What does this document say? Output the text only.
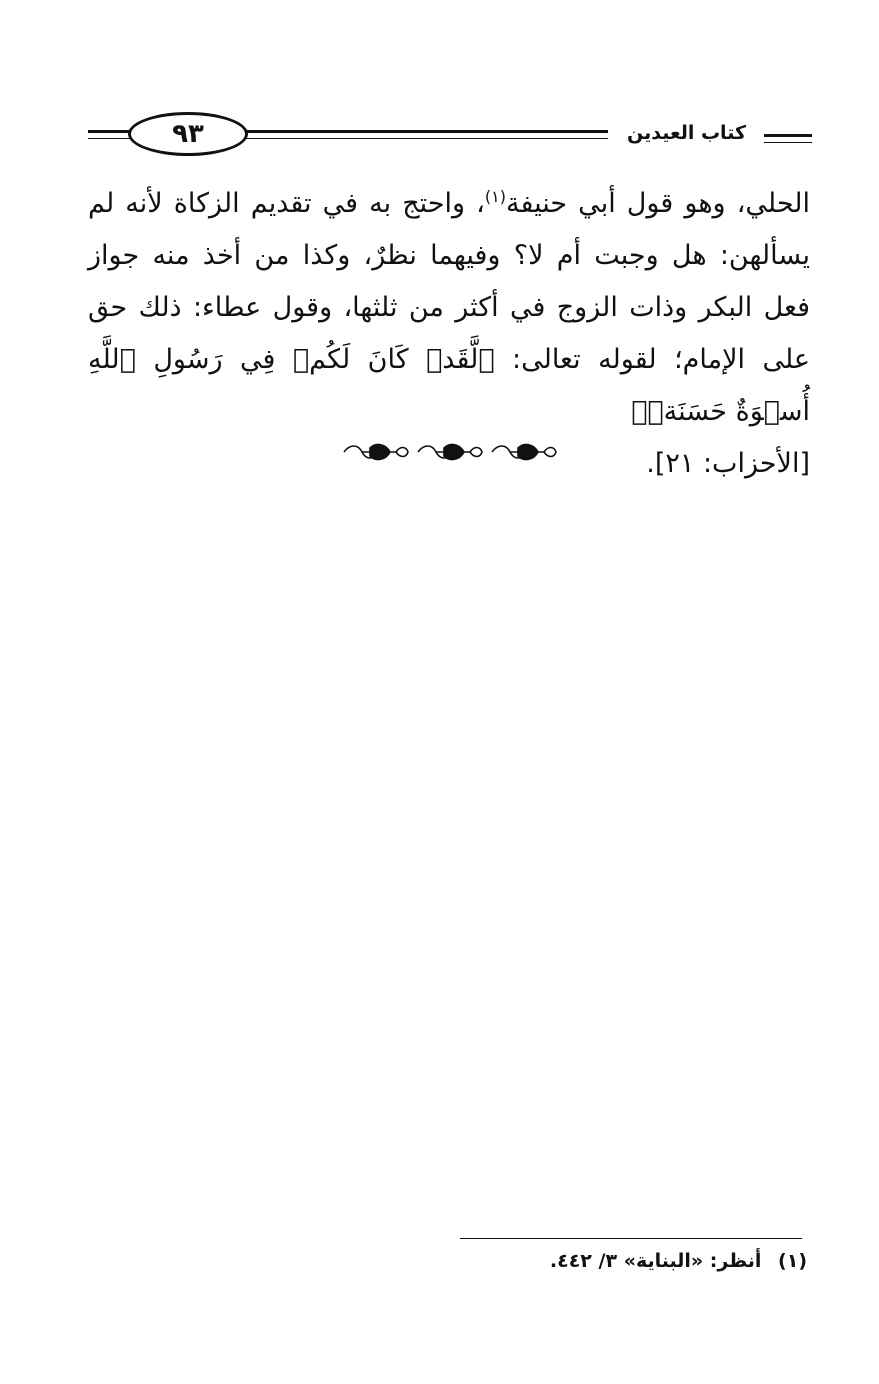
٩٣	كتاب العيدين

الحلي، وهو قول أبي حنيفة$^{(١)}$، واحتج به في تقديم الزكاة لأنه لم يسألهن: هل وجبت أم لا؟ وفيهما نظرٌ، وكذا من أخذ منه جواز فعل البكر وذات الزوج في أكثر من ثلثها، وقول عطاء: ذلك حق على الإمام؛ لقوله تعالى: ﴿لَّقَدۡ كَانَ لَكُمۡ فِي رَسُولِ ٱللَّهِ أُسۡوَةٌ حَسَنَةٞ﴾
[الأحزاب: ٢١].

(١) أنظر: «البناية» ٣/ ٤٤٢.
